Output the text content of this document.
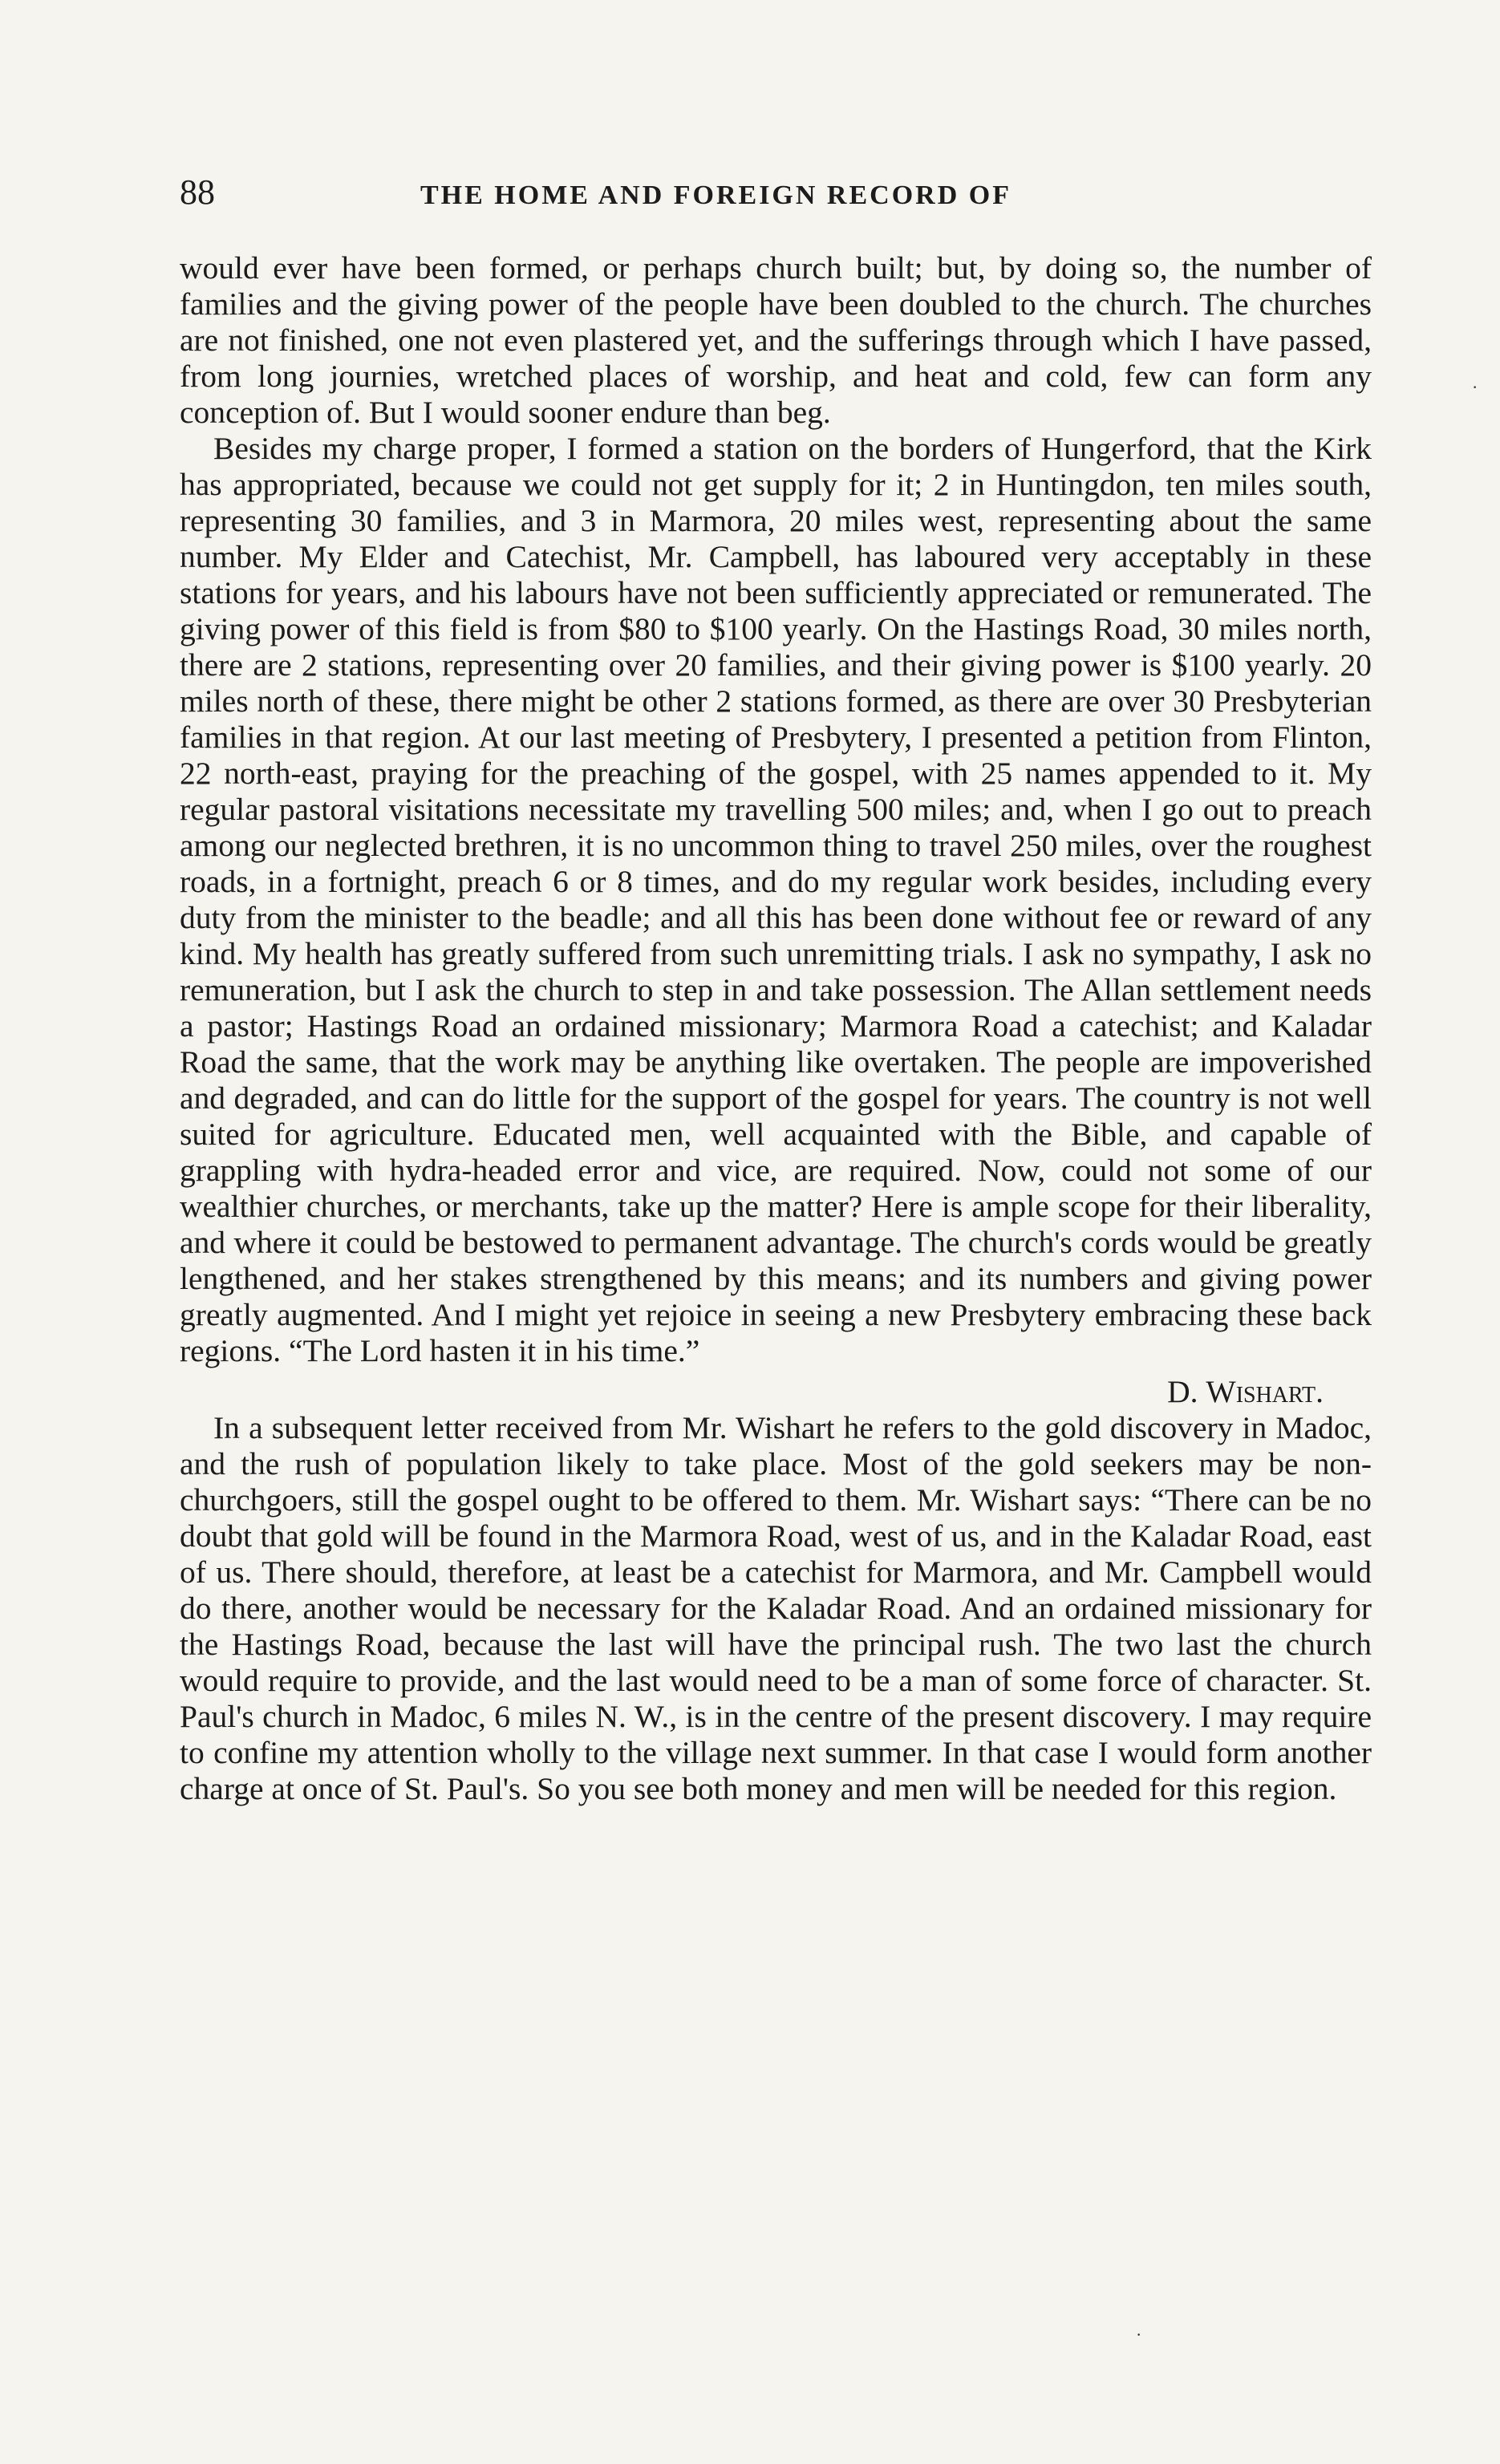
88	THE HOME AND FOREIGN RECORD OF

would ever have been formed, or perhaps church built; but, by doing so, the number of families and the giving power of the people have been doubled to the church. The churches are not finished, one not even plastered yet, and the sufferings through which I have passed, from long journies, wretched places of worship, and heat and cold, few can form any conception of. But I would sooner endure than beg.

Besides my charge proper, I formed a station on the borders of Hungerford, that the Kirk has appropriated, because we could not get supply for it; 2 in Huntingdon, ten miles south, representing 30 families, and 3 in Marmora, 20 miles west, representing about the same number. My Elder and Catechist, Mr. Campbell, has laboured very acceptably in these stations for years, and his labours have not been sufficiently appreciated or remunerated. The giving power of this field is from $80 to $100 yearly. On the Hastings Road, 30 miles north, there are 2 stations, representing over 20 families, and their giving power is $100 yearly. 20 miles north of these, there might be other 2 stations formed, as there are over 30 Presbyterian families in that region. At our last meeting of Presbytery, I presented a petition from Flinton, 22 north-east, praying for the preaching of the gospel, with 25 names appended to it. My regular pastoral visitations necessitate my travelling 500 miles; and, when I go out to preach among our neglected brethren, it is no uncommon thing to travel 250 miles, over the roughest roads, in a fortnight, preach 6 or 8 times, and do my regular work besides, including every duty from the minister to the beadle; and all this has been done without fee or reward of any kind. My health has greatly suffered from such unremitting trials. I ask no sympathy, I ask no remuneration, but I ask the church to step in and take possession. The Allan settlement needs a pastor; Hastings Road an ordained missionary; Marmora Road a catechist; and Kaladar Road the same, that the work may be anything like overtaken. The people are impoverished and degraded, and can do little for the support of the gospel for years. The country is not well suited for agriculture. Educated men, well acquainted with the Bible, and capable of grappling with hydra-headed error and vice, are required. Now, could not some of our wealthier churches, or merchants, take up the matter? Here is ample scope for their liberality, and where it could be bestowed to permanent advantage. The church's cords would be greatly lengthened, and her stakes strengthened by this means; and its numbers and giving power greatly augmented. And I might yet rejoice in seeing a new Presbytery embracing these back regions. “The Lord hasten it in his time.”

D. Wishart.

In a subsequent letter received from Mr. Wishart he refers to the gold discovery in Madoc, and the rush of population likely to take place. Most of the gold seekers may be non-churchgoers, still the gospel ought to be offered to them. Mr. Wishart says: “There can be no doubt that gold will be found in the Marmora Road, west of us, and in the Kaladar Road, east of us. There should, therefore, at least be a catechist for Marmora, and Mr. Campbell would do there, another would be necessary for the Kaladar Road. And an ordained missionary for the Hastings Road, because the last will have the principal rush. The two last the church would require to provide, and the last would need to be a man of some force of character. St. Paul's church in Madoc, 6 miles N. W., is in the centre of the present discovery. I may require to confine my attention wholly to the village next summer. In that case I would form another charge at once of St. Paul's. So you see both money and men will be needed for this region.

·
·
